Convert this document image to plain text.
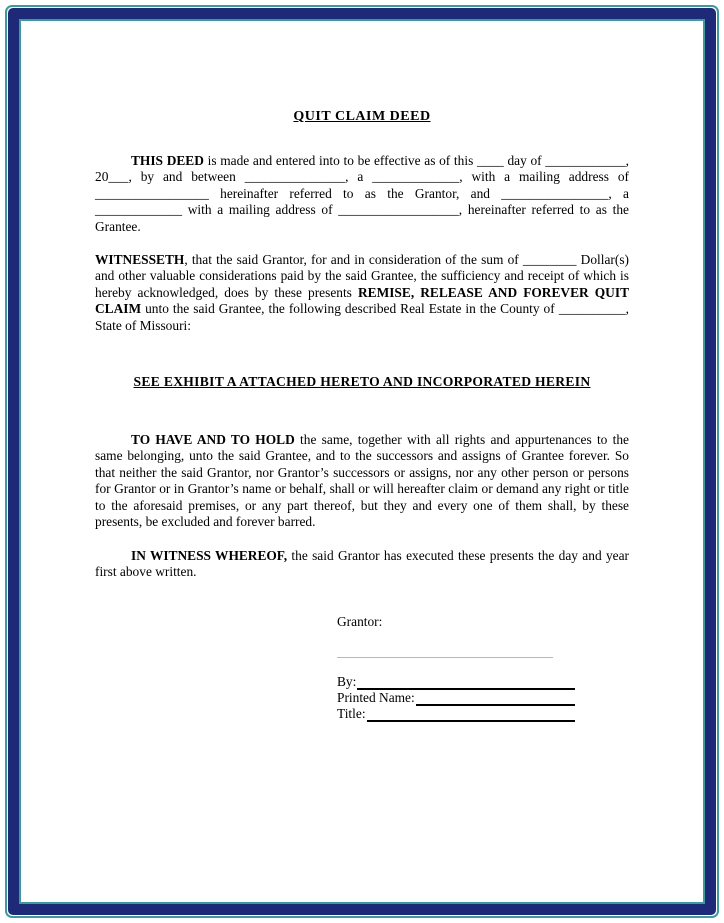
QUIT CLAIM DEED

THIS DEED is made and entered into to be effective as of this ____ day of ____________, 20___, by and between _______________, a _____________, with a mailing address of _________________ hereinafter referred to as the Grantor, and ________________, a _____________ with a mailing address of __________________, hereinafter referred to as the Grantee.

WITNESSETH, that the said Grantor, for and in consideration of the sum of ________ Dollar(s) and other valuable considerations paid by the said Grantee, the sufficiency and receipt of which is hereby acknowledged, does by these presents REMISE, RELEASE AND FOREVER QUIT CLAIM unto the said Grantee, the following described Real Estate in the County of __________, State of Missouri:

SEE EXHIBIT A ATTACHED HERETO AND INCORPORATED HEREIN

TO HAVE AND TO HOLD the same, together with all rights and appurtenances to the same belonging, unto the said Grantee, and to the successors and assigns of Grantee forever. So that neither the said Grantor, nor Grantor’s successors or assigns, nor any other person or persons for Grantor or in Grantor’s name or behalf, shall or will hereafter claim or demand any right or title to the aforesaid premises, or any part thereof, but they and every one of them shall, by these presents, be excluded and forever barred.

IN WITNESS WHEREOF, the said Grantor has executed these presents the day and year first above written.

Grantor:
By:
Printed Name:
Title:
